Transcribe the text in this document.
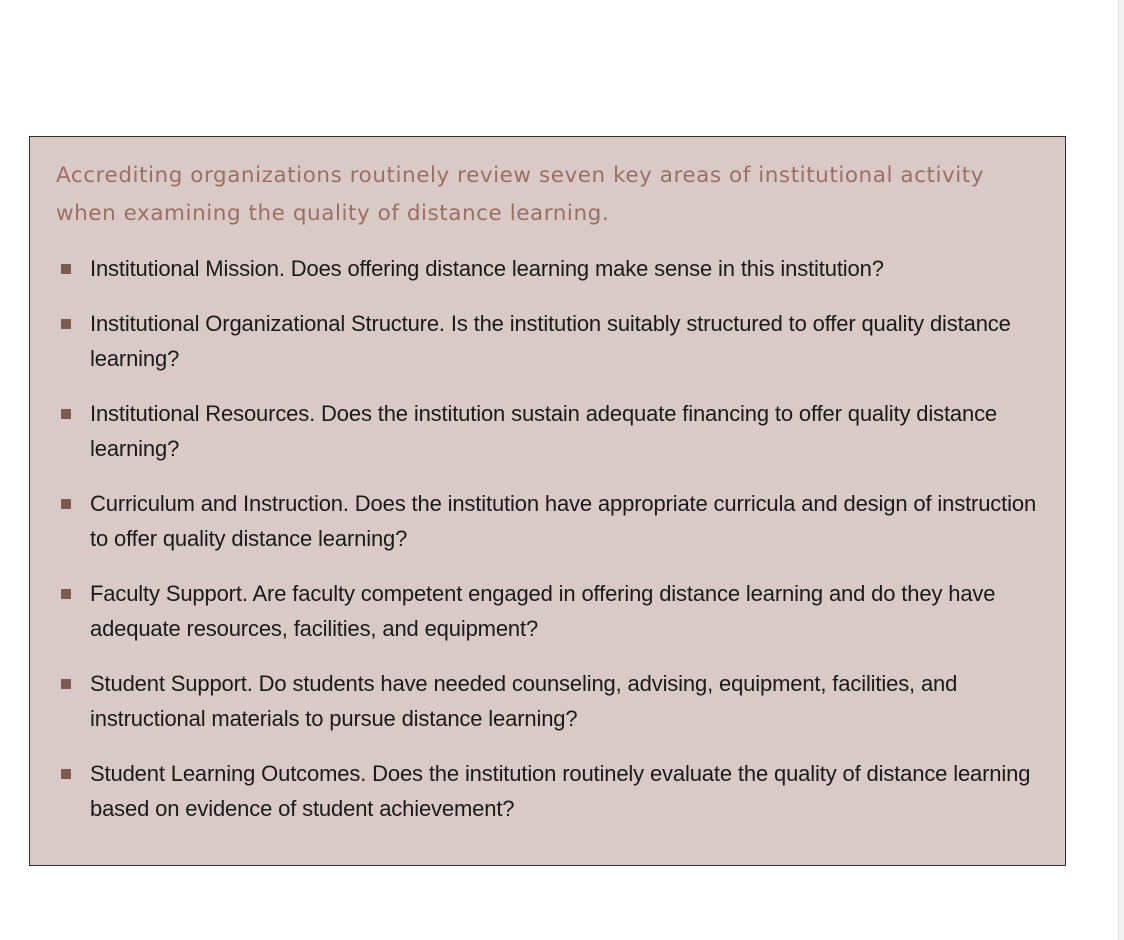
Accrediting organizations routinely review seven key areas of institutional activity when examining the quality of distance learning.

Institutional Mission. Does offering distance learning make sense in this institution?
Institutional Organizational Structure. Is the institution suitably structured to offer quality distance learning?
Institutional Resources. Does the institution sustain adequate financing to offer quality distance learning?
Curriculum and Instruction. Does the institution have appropriate curricula and design of instruction to offer quality distance learning?
Faculty Support. Are faculty competent engaged in offering distance learning and do they have adequate resources, facilities, and equipment?
Student Support. Do students have needed counseling, advising, equipment, facilities, and instructional materials to pursue distance learning?
Student Learning Outcomes. Does the institution routinely evaluate the quality of distance learning based on evidence of student achievement?
